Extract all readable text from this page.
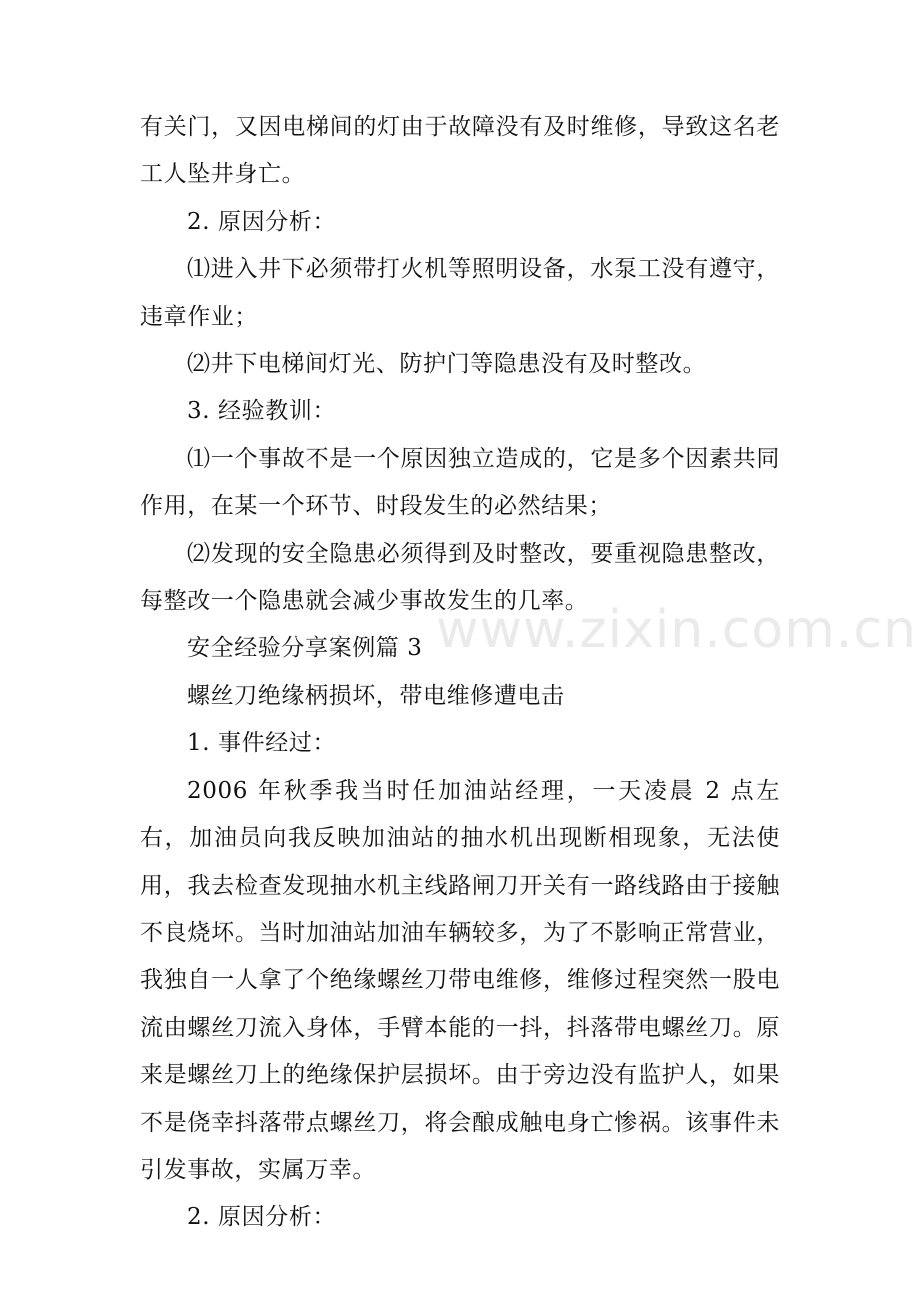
有关门，又因电梯间的灯由于故障没有及时维修，导致这名老工人坠井身亡。

2. 原因分析：

⑴进入井下必须带打火机等照明设备，水泵工没有遵守，违章作业；

⑵井下电梯间灯光、防护门等隐患没有及时整改。

3. 经验教训：

⑴一个事故不是一个原因独立造成的，它是多个因素共同作用，在某一个环节、时段发生的必然结果；

⑵发现的安全隐患必须得到及时整改，要重视隐患整改，每整改一个隐患就会减少事故发生的几率。

安全经验分享案例篇 3

螺丝刀绝缘柄损坏，带电维修遭电击

1. 事件经过：

2006 年秋季我当时任加油站经理，一天凌晨 2 点左右，加油员向我反映加油站的抽水机出现断相现象，无法使用，我去检查发现抽水机主线路闸刀开关有一路线路由于接触不良烧坏。当时加油站加油车辆较多，为了不影响正常营业，我独自一人拿了个绝缘螺丝刀带电维修，维修过程突然一股电流由螺丝刀流入身体，手臂本能的一抖，抖落带电螺丝刀。原来是螺丝刀上的绝缘保护层损坏。由于旁边没有监护人，如果不是侥幸抖落带点螺丝刀，将会酿成触电身亡惨祸。该事件未引发事故，实属万幸。

2. 原因分析：

www.zixin.com.cn
